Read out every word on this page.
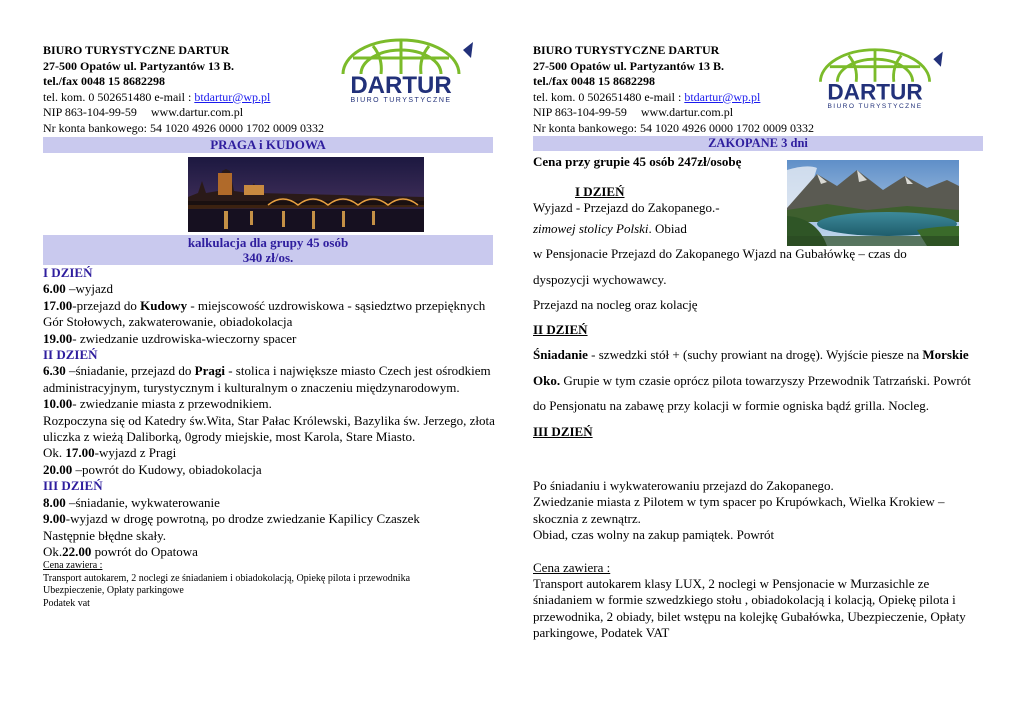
BIURO TURYSTYCZNE DARTUR
27-500 Opatów ul. Partyzantów 13 B.
tel./fax 0048 15 8682298
tel. kom. 0 502651480 e-mail : btdartur@wp.pl
NIP 863-104-99-59 www.dartur.com.pl
Nr konta bankowego: 54 1020 4926 0000 1702 0009 0332
DARTUR
BIURO TURYSTYCZNE
PRAGA i KUDOWA
kalkulacja dla grupy 45 osób
340 zł/os.
I DZIEŃ
6.00 –wyjazd
17.00-przejazd do Kudowy - miejscowość uzdrowiskowa - sąsiedztwo przepięknych Gór Stołowych, zakwaterowanie, obiadokolacja
19.00- zwiedzanie uzdrowiska-wieczorny spacer
II DZIEŃ
6.30 –śniadanie, przejazd do Pragi - stolica i największe miasto Czech jest ośrodkiem administracyjnym, turystycznym i kulturalnym o znaczeniu międzynarodowym.
10.00- zwiedzanie miasta z przewodnikiem.
Rozpoczyna się od Katedry św.Wita, Star Pałac Królewski, Bazylika św. Jerzego, złota uliczka z wieżą Daliborką, 0grody miejskie, most Karola, Stare Miasto.
Ok. 17.00-wyjazd z Pragi
20.00 –powrót do Kudowy, obiadokolacja
III DZIEŃ
8.00 –śniadanie, wykwaterowanie
9.00-wyjazd w drogę powrotną, po drodze zwiedzanie Kapilicy Czaszek
Następnie błędne skały.
Ok.22.00 powrót do Opatowa
Cena zawiera :
Transport autokarem, 2 noclegi ze śniadaniem i obiadokolacją, Opiekę pilota i przewodnika
Ubezpieczenie, Opłaty parkingowe
Podatek vat
BIURO TURYSTYCZNE DARTUR
27-500 Opatów ul. Partyzantów 13 B.
tel./fax 0048 15 8682298
tel. kom. 0 502651480 e-mail : btdartur@wp.pl
NIP 863-104-99-59 www.dartur.com.pl
Nr konta bankowego: 54 1020 4926 0000 1702 0009 0332
DARTUR
BIURO TURYSTYCZNE
ZAKOPANE 3 dni
Cena przy grupie 45 osób 247zł/osobę

I DZIEŃ

Wyjazd - Przejazd do Zakopanego.-

zimowej stolicy Polski. Obiad

w Pensjonacie Przejazd do Zakopanego Wjazd na Gubałówkę – czas do

dyspozycji wychowawcy.

Przejazd na nocleg oraz kolację

II DZIEŃ

Śniadanie - szwedzki stół + (suchy prowiant na drogę). Wyjście piesze na Morskie Oko. Grupie w tym czasie oprócz pilota towarzyszy Przewodnik Tatrzański. Powrót do Pensjonatu na zabawę przy kolacji w formie ogniska bądź grilla. Nocleg.

III DZIEŃ

Po śniadaniu i wykwaterowaniu przejazd do Zakopanego.
Zwiedzanie miasta z Pilotem w tym spacer po Krupówkach, Wielka Krokiew – skocznia z zewnątrz.
Obiad, czas wolny na zakup pamiątek. Powrót
Cena zawiera :
Transport autokarem klasy LUX, 2 noclegi w Pensjonacie w Murzasichle ze śniadaniem w formie szwedzkiego stołu , obiadokolacją i kolacją, Opiekę pilota i przewodnika, 2 obiady, bilet wstępu na kolejkę Gubałówka, Ubezpieczenie, Opłaty parkingowe, Podatek VAT
